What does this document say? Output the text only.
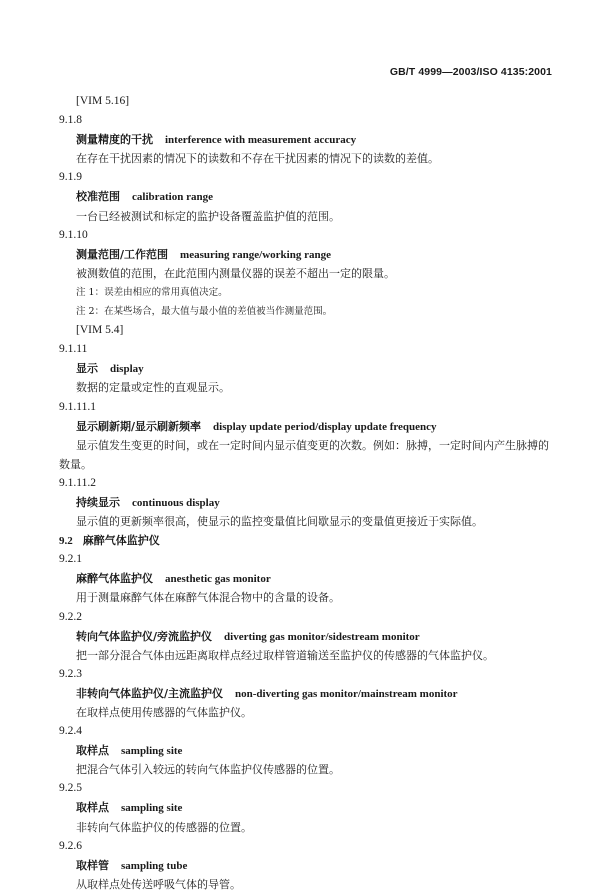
GB/T 4999—2003/ISO 4135:2001
[VIM 5.16]
9.1.8
测量精度的干扰 interference with measurement accuracy
在存在干扰因素的情况下的读数和不存在干扰因素的情况下的读数的差值。
9.1.9
校准范围 calibration range
一台已经被测试和标定的监护设备覆盖监护值的范围。
9.1.10
测量范围/工作范围 measuring range/working range
被测数值的范围，在此范围内测量仪器的误差不超出一定的限量。
注 1：误差由相应的常用真值决定。
注 2：在某些场合，最大值与最小值的差值被当作测量范围。
[VIM 5.4]
9.1.11
显示 display
数据的定量或定性的直观显示。
9.1.11.1
显示刷新期/显示刷新频率 display update period/display update frequency
显示值发生变更的时间，或在一定时间内显示值变更的次数。例如：脉搏，一定时间内产生脉搏的
数量。
9.1.11.2
持续显示 continuous display
显示值的更新频率很高，使显示的监控变量值比间歇显示的变量值更接近于实际值。
9.2 麻醉气体监护仪
9.2.1
麻醉气体监护仪 anesthetic gas monitor
用于测量麻醉气体在麻醉气体混合物中的含量的设备。
9.2.2
转向气体监护仪/旁流监护仪 diverting gas monitor/sidestream monitor
把一部分混合气体由远距离取样点经过取样管道输送至监护仪的传感器的气体监护仪。
9.2.3
非转向气体监护仪/主流监护仪 non-diverting gas monitor/mainstream monitor
在取样点使用传感器的气体监护仪。
9.2.4
取样点 sampling site
把混合气体引入较远的转向气体监护仪传感器的位置。
9.2.5
取样点 sampling site
非转向气体监护仪的传感器的位置。
9.2.6
取样管 sampling tube
从取样点处传送呼吸气体的导管。
